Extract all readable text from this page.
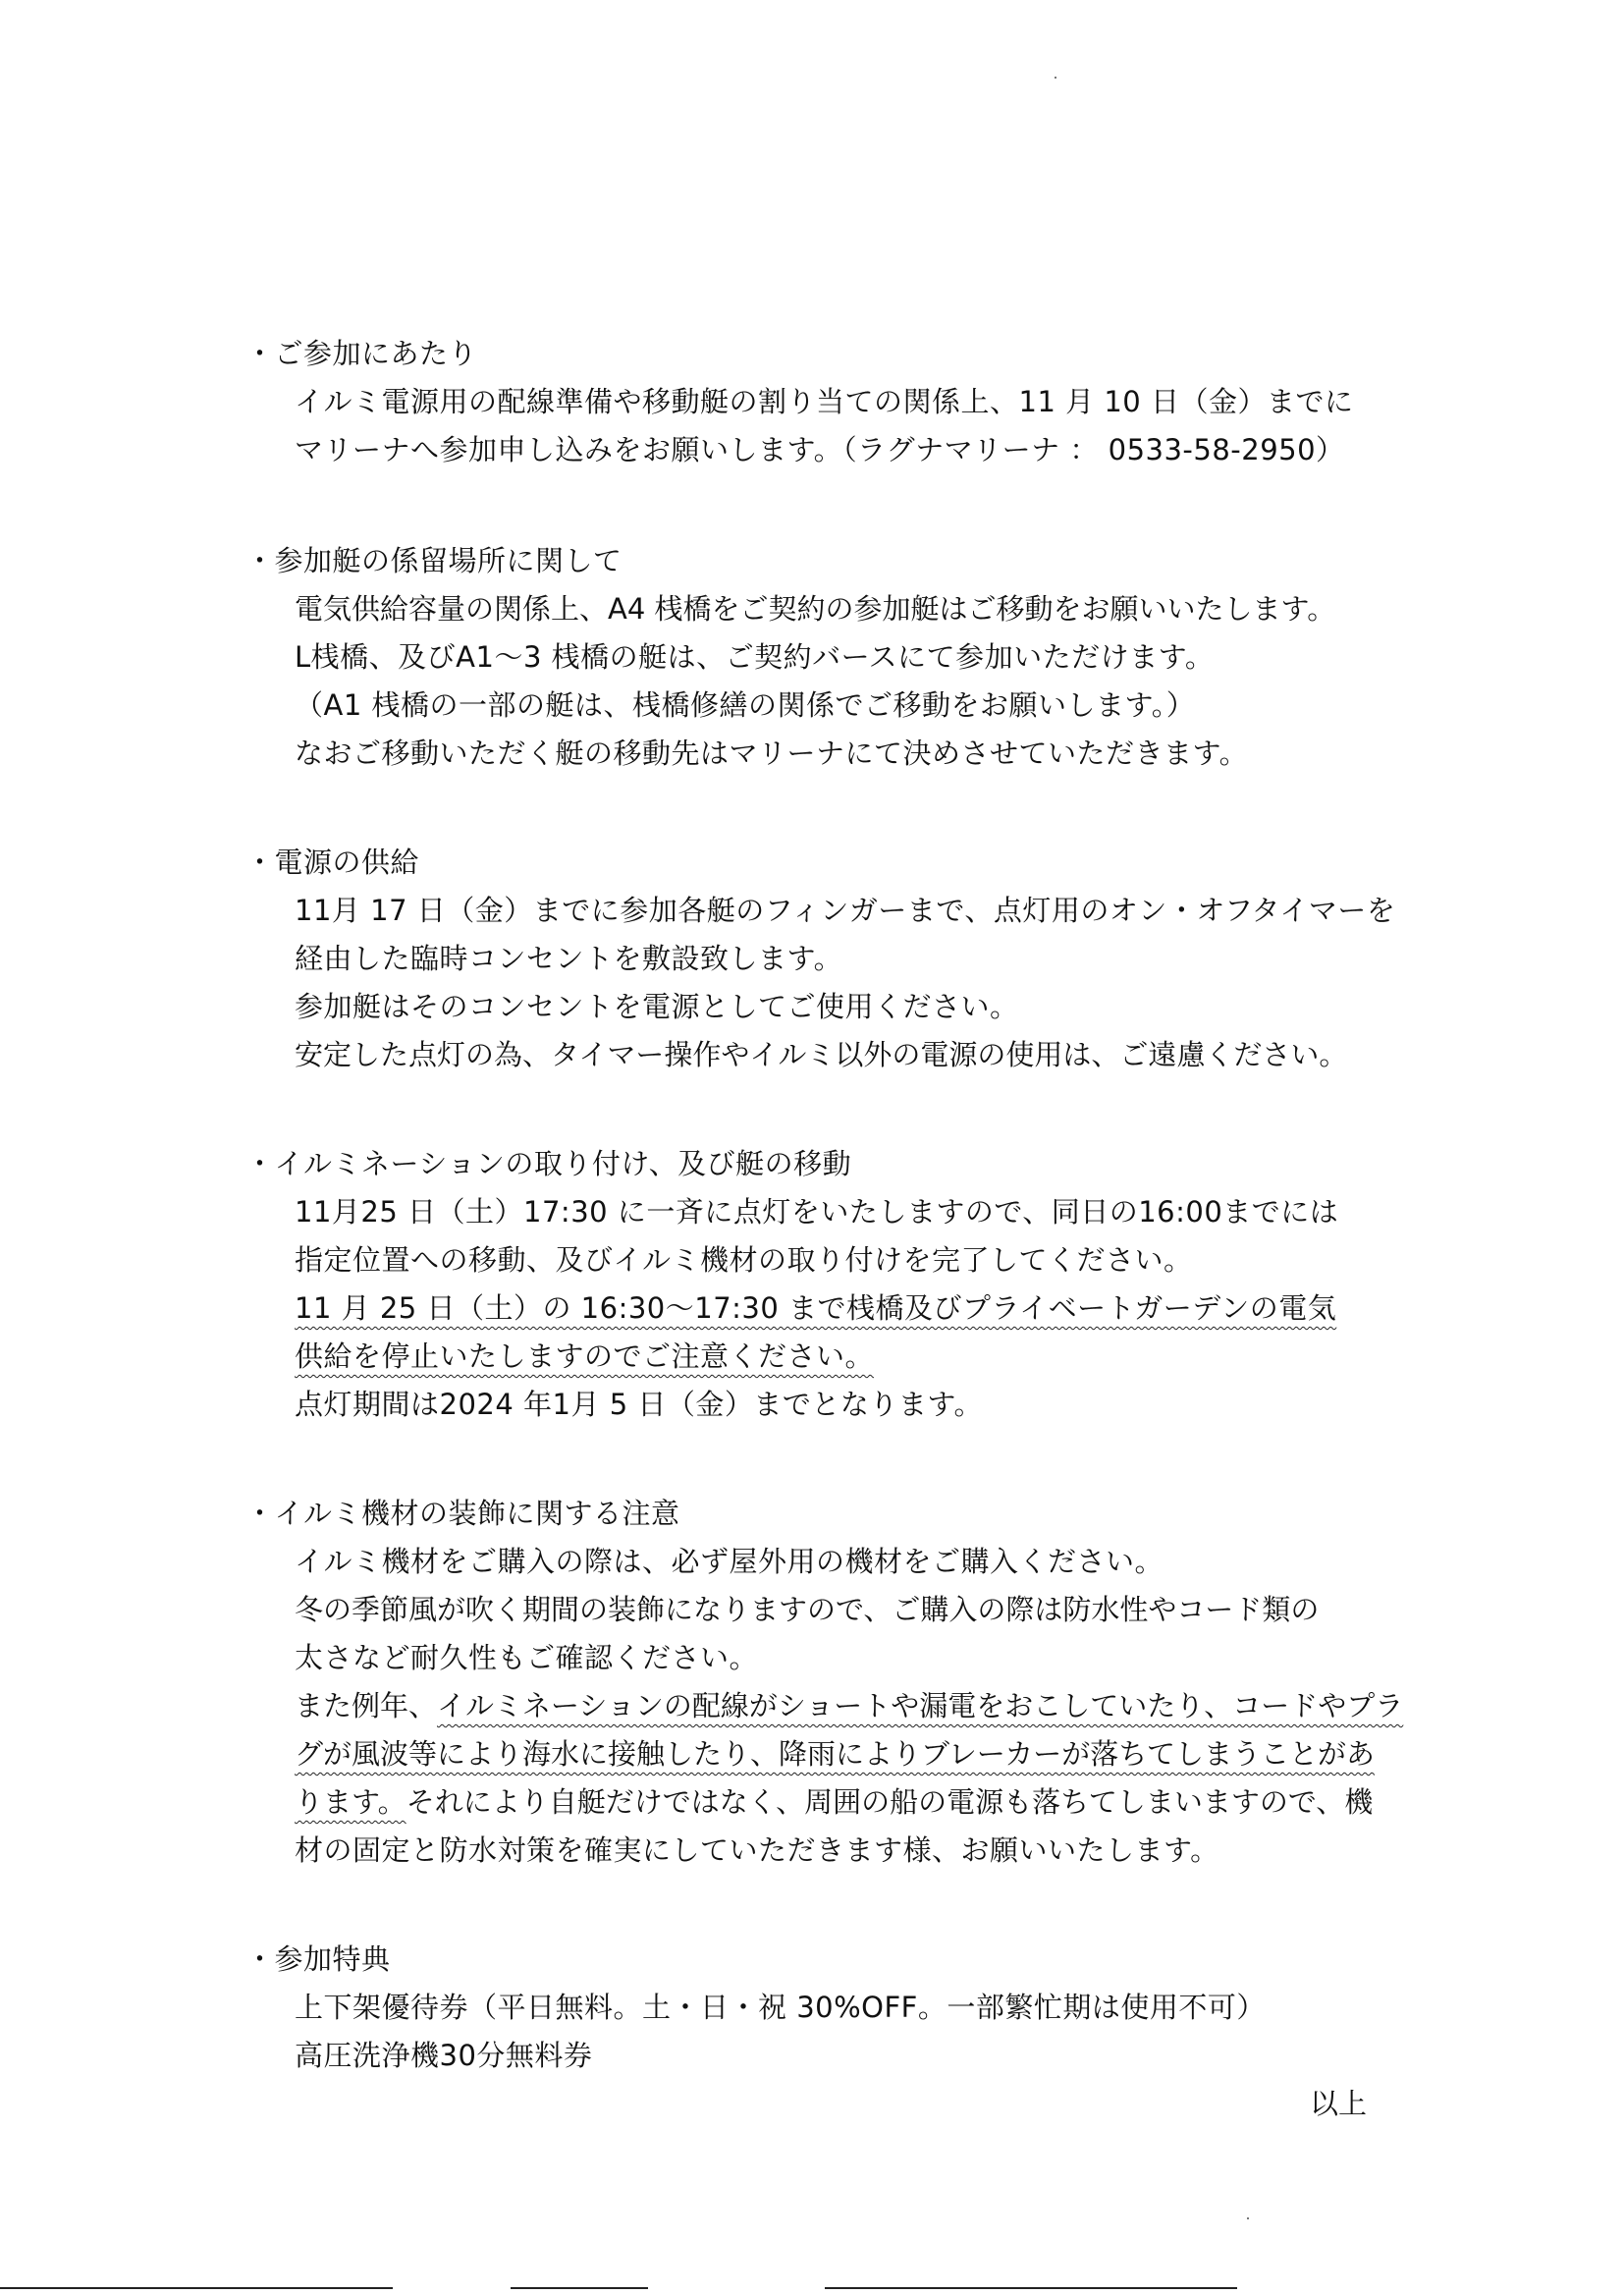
・ご参加にあたり

イルミ電源用の配線準備や移動艇の割り当ての関係上、11 月 10 日（金）までに

マリーナへ参加申し込みをお願いします。（ラグナマリーナ ： 0533-58-2950）

・参加艇の係留場所に関して

電気供給容量の関係上、A4 桟橋をご契約の参加艇はご移動をお願いいたします。

L桟橋、及びA1～3 桟橋の艇は、ご契約バースにて参加いただけます。

（A1 桟橋の一部の艇は、桟橋修繕の関係でご移動をお願いします。）

なおご移動いただく艇の移動先はマリーナにて決めさせていただきます。

・電源の供給

11月 17 日（金）までに参加各艇のフィンガーまで、点灯用のオン・オフタイマーを

経由した臨時コンセントを敷設致します。

参加艇はそのコンセントを電源としてご使用ください。

安定した点灯の為、タイマー操作やイルミ以外の電源の使用は、ご遠慮ください。

・イルミネーションの取り付け、及び艇の移動

11月25 日（土）17:30 に一斉に点灯をいたしますので、同日の16:00までには

指定位置への移動、及びイルミ機材の取り付けを完了してください。

11 月 25 日（土）の 16:30～17:30 まで桟橋及びプライベートガーデンの電気

供給を停止いたしますのでご注意ください。

点灯期間は2024 年1月 5 日（金）までとなります。

・イルミ機材の装飾に関する注意

イルミ機材をご購入の際は、必ず屋外用の機材をご購入ください。

冬の季節風が吹く期間の装飾になりますので、ご購入の際は防水性やコード類の

太さなど耐久性もご確認ください。

また例年、イルミネーションの配線がショートや漏電をおこしていたり、コードやプラ

グが風波等により海水に接触したり、降雨によりブレーカーが落ちてしまうことがあ

ります。それにより自艇だけではなく、周囲の船の電源も落ちてしまいますので、機

材の固定と防水対策を確実にしていただきます様、お願いいたします。

・参加特典

上下架優待券（平日無料。土・日・祝 30%OFF。一部繁忙期は使用不可）

高圧洗浄機30分無料券

以上
